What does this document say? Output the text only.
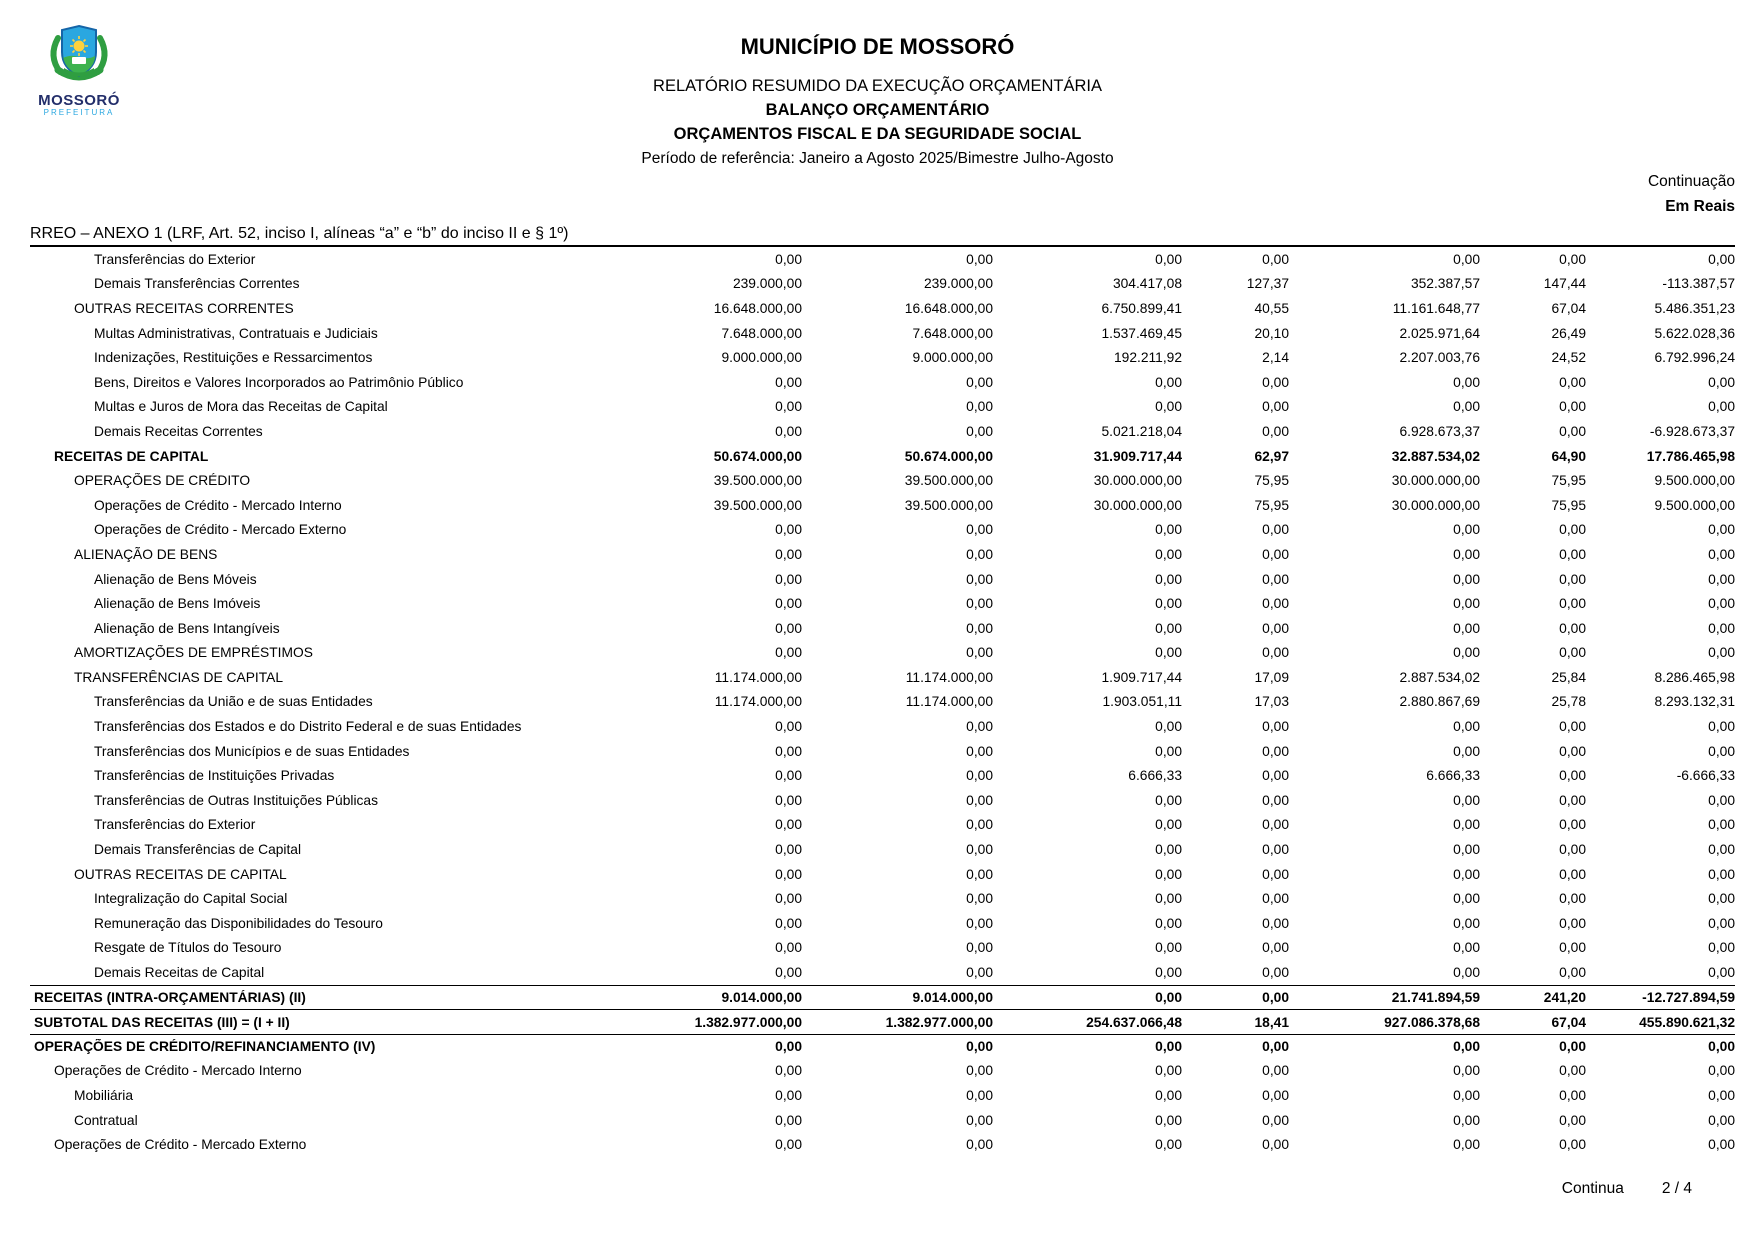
MOSSORÓ
PREFEITURA
MUNICÍPIO DE MOSSORÓ
RELATÓRIO RESUMIDO DA EXECUÇÃO ORÇAMENTÁRIA
BALANÇO ORÇAMENTÁRIO
ORÇAMENTOS FISCAL E DA SEGURIDADE SOCIAL
Período de referência: Janeiro a Agosto 2025/Bimestre Julho-Agosto
Continuação
Em Reais
RREO – ANEXO 1 (LRF, Art. 52, inciso I, alíneas “a” e “b” do inciso II e § 1º)
Transferências do Exterior	0,00	0,00	0,00	0,00	0,00	0,00	0,00
Demais Transferências Correntes	239.000,00	239.000,00	304.417,08	127,37	352.387,57	147,44	-113.387,57
OUTRAS RECEITAS CORRENTES	16.648.000,00	16.648.000,00	6.750.899,41	40,55	11.161.648,77	67,04	5.486.351,23
Multas Administrativas, Contratuais e Judiciais	7.648.000,00	7.648.000,00	1.537.469,45	20,10	2.025.971,64	26,49	5.622.028,36
Indenizações, Restituições e Ressarcimentos	9.000.000,00	9.000.000,00	192.211,92	2,14	2.207.003,76	24,52	6.792.996,24
Bens, Direitos e Valores Incorporados ao Patrimônio Público	0,00	0,00	0,00	0,00	0,00	0,00	0,00
Multas e Juros de Mora das Receitas de Capital	0,00	0,00	0,00	0,00	0,00	0,00	0,00
Demais Receitas Correntes	0,00	0,00	5.021.218,04	0,00	6.928.673,37	0,00	-6.928.673,37
RECEITAS DE CAPITAL	50.674.000,00	50.674.000,00	31.909.717,44	62,97	32.887.534,02	64,90	17.786.465,98
OPERAÇÕES DE CRÉDITO	39.500.000,00	39.500.000,00	30.000.000,00	75,95	30.000.000,00	75,95	9.500.000,00
Operações de Crédito - Mercado Interno	39.500.000,00	39.500.000,00	30.000.000,00	75,95	30.000.000,00	75,95	9.500.000,00
Operações de Crédito - Mercado Externo	0,00	0,00	0,00	0,00	0,00	0,00	0,00
ALIENAÇÃO DE BENS	0,00	0,00	0,00	0,00	0,00	0,00	0,00
Alienação de Bens Móveis	0,00	0,00	0,00	0,00	0,00	0,00	0,00
Alienação de Bens Imóveis	0,00	0,00	0,00	0,00	0,00	0,00	0,00
Alienação de Bens Intangíveis	0,00	0,00	0,00	0,00	0,00	0,00	0,00
AMORTIZAÇÕES DE EMPRÉSTIMOS	0,00	0,00	0,00	0,00	0,00	0,00	0,00
TRANSFERÊNCIAS DE CAPITAL	11.174.000,00	11.174.000,00	1.909.717,44	17,09	2.887.534,02	25,84	8.286.465,98
Transferências da União e de suas Entidades	11.174.000,00	11.174.000,00	1.903.051,11	17,03	2.880.867,69	25,78	8.293.132,31
Transferências dos Estados e do Distrito Federal e de suas Entidades	0,00	0,00	0,00	0,00	0,00	0,00	0,00
Transferências dos Municípios e de suas Entidades	0,00	0,00	0,00	0,00	0,00	0,00	0,00
Transferências de Instituições Privadas	0,00	0,00	6.666,33	0,00	6.666,33	0,00	-6.666,33
Transferências de Outras Instituições Públicas	0,00	0,00	0,00	0,00	0,00	0,00	0,00
Transferências do Exterior	0,00	0,00	0,00	0,00	0,00	0,00	0,00
Demais Transferências de Capital	0,00	0,00	0,00	0,00	0,00	0,00	0,00
OUTRAS RECEITAS DE CAPITAL	0,00	0,00	0,00	0,00	0,00	0,00	0,00
Integralização do Capital Social	0,00	0,00	0,00	0,00	0,00	0,00	0,00
Remuneração das Disponibilidades do Tesouro	0,00	0,00	0,00	0,00	0,00	0,00	0,00
Resgate de Títulos do Tesouro	0,00	0,00	0,00	0,00	0,00	0,00	0,00
Demais Receitas de Capital	0,00	0,00	0,00	0,00	0,00	0,00	0,00
RECEITAS (INTRA-ORÇAMENTÁRIAS) (II)	9.014.000,00	9.014.000,00	0,00	0,00	21.741.894,59	241,20	-12.727.894,59
SUBTOTAL DAS RECEITAS (III) = (I + II)	1.382.977.000,00	1.382.977.000,00	254.637.066,48	18,41	927.086.378,68	67,04	455.890.621,32
OPERAÇÕES DE CRÉDITO/REFINANCIAMENTO (IV)	0,00	0,00	0,00	0,00	0,00	0,00	0,00
Operações de Crédito - Mercado Interno	0,00	0,00	0,00	0,00	0,00	0,00	0,00
Mobiliária	0,00	0,00	0,00	0,00	0,00	0,00	0,00
Contratual	0,00	0,00	0,00	0,00	0,00	0,00	0,00
Operações de Crédito - Mercado Externo	0,00	0,00	0,00	0,00	0,00	0,00	0,00
Continua 2 / 4
